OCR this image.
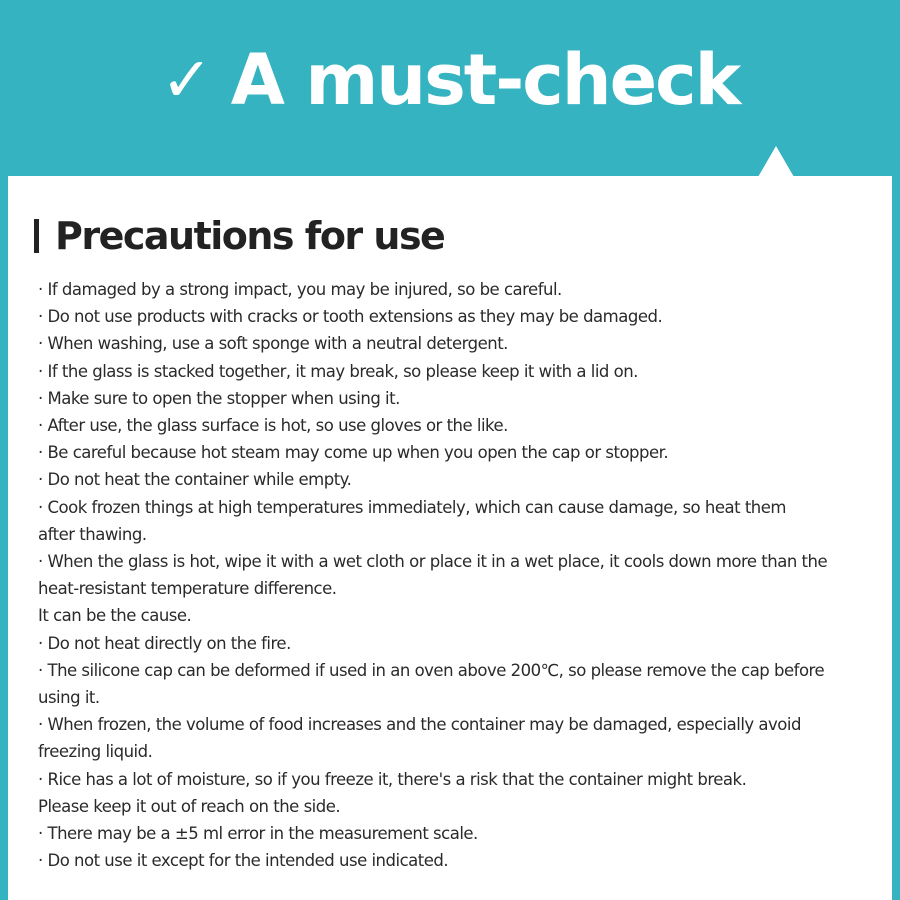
✓ A must-check
Precautions for use
· If damaged by a strong impact, you may be injured, so be careful.
· Do not use products with cracks or tooth extensions as they may be damaged.
· When washing, use a soft sponge with a neutral detergent.
· If the glass is stacked together, it may break, so please keep it with a lid on.
· Make sure to open the stopper when using it.
· After use, the glass surface is hot, so use gloves or the like.
· Be careful because hot steam may come up when you open the cap or stopper.
· Do not heat the container while empty.
· Cook frozen things at high temperatures immediately, which can cause damage, so heat them
after thawing.
· When the glass is hot, wipe it with a wet cloth or place it in a wet place, it cools down more than the
heat-resistant temperature difference.
It can be the cause.
· Do not heat directly on the fire.
· The silicone cap can be deformed if used in an oven above 200℃, so please remove the cap before
using it.
· When frozen, the volume of food increases and the container may be damaged, especially avoid
freezing liquid.
· Rice has a lot of moisture, so if you freeze it, there's a risk that the container might break.
Please keep it out of reach on the side.
· There may be a ±5 ml error in the measurement scale.
· Do not use it except for the intended use indicated.
